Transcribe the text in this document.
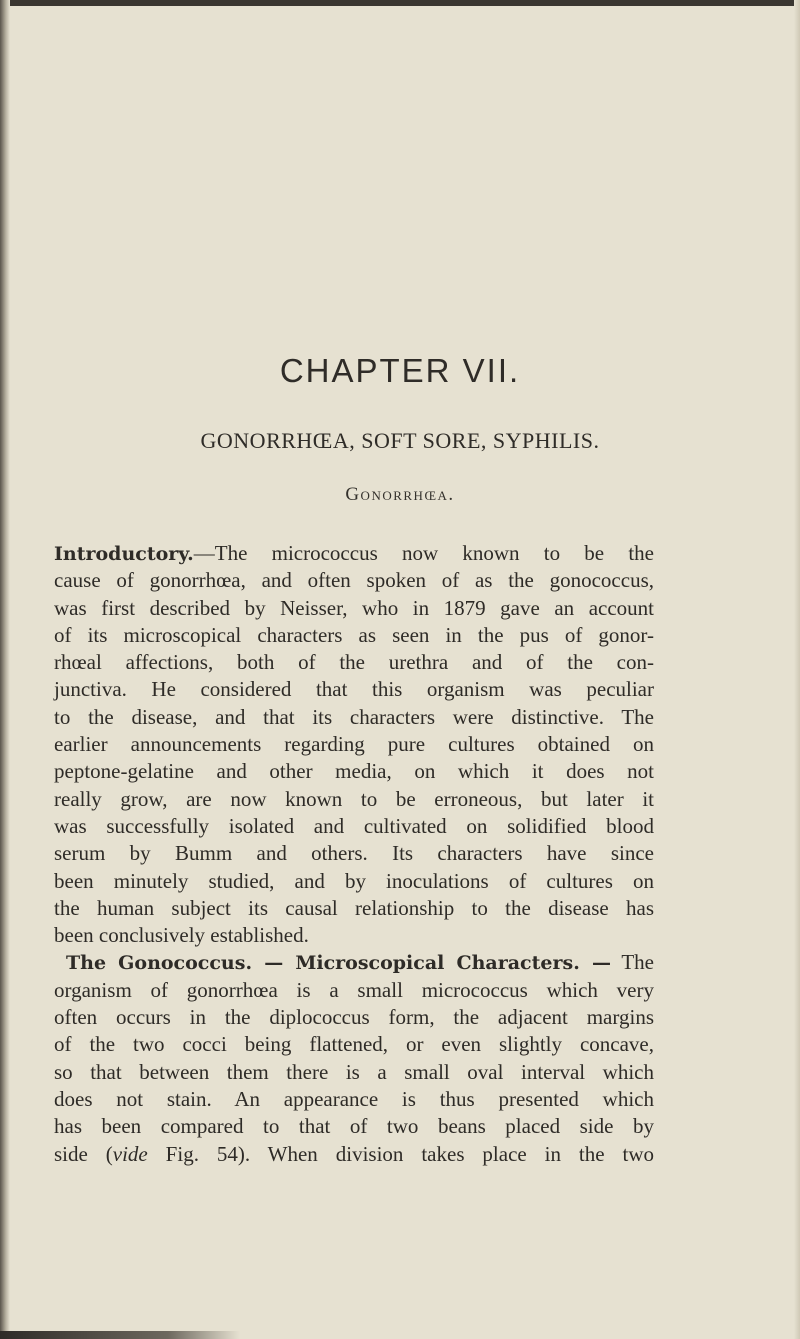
CHAPTER VII.
GONORRHŒA, SOFT SORE, SYPHILIS.
Gonorrhœa.
Introductory.—The micrococcus now known to be the
cause of gonorrhœa, and often spoken of as the gonococcus,
was first described by Neisser, who in 1879 gave an account
of its microscopical characters as seen in the pus of gonor-
rhœal affections, both of the urethra and of the con-
junctiva. He considered that this organism was peculiar
to the disease, and that its characters were distinctive. The
earlier announcements regarding pure cultures obtained on
peptone-gelatine and other media, on which it does not
really grow, are now known to be erroneous, but later it
was successfully isolated and cultivated on solidified blood
serum by Bumm and others. Its characters have since
been minutely studied, and by inoculations of cultures on
the human subject its causal relationship to the disease has
been conclusively established.
The Gonococcus. — Microscopical Characters. — The
organism of gonorrhœa is a small micrococcus which very
often occurs in the diplococcus form, the adjacent margins
of the two cocci being flattened, or even slightly concave,
so that between them there is a small oval interval which
does not stain. An appearance is thus presented which
has been compared to that of two beans placed side by
side (vide Fig. 54). When division takes place in the two
